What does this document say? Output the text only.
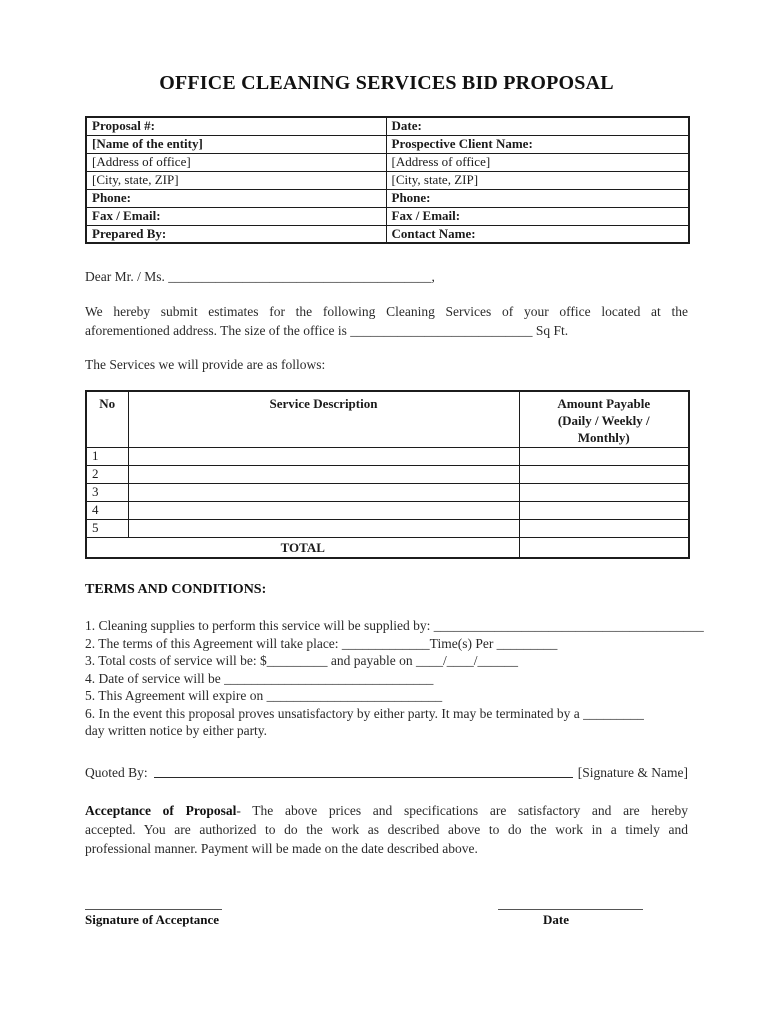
OFFICE CLEANING SERVICES BID PROPOSAL
Proposal #:	Date:
[Name of the entity]	Prospective Client Name:
[Address of office]	[Address of office]
[City, state, ZIP]	[City, state, ZIP]
Phone:	Phone:
Fax / Email:	Fax / Email:
Prepared By:	Contact Name:

Dear Mr. / Ms. _______________________________________,

We hereby submit estimates for the following Cleaning Services of your office located at the
aforementioned address. The size of the office is ___________________________ Sq Ft.

The Services we will provide are as follows:

No	Service Description	Amount Payable
(Daily / Weekly /
Monthly)

1		
2		
3		
4		
5		
TOTAL		
TERMS AND CONDITIONS:

1. Cleaning supplies to perform this service will be supplied by: ________________________________________

2. The terms of this Agreement will take place: _____________Time(s) Per _________

3. Total costs of service will be: $_________ and payable on ____/____/______

4. Date of service will be _______________________________

5. This Agreement will expire on __________________________

6. In the event this proposal proves unsatisfactory by either party. It may be terminated by a _________

day written notice by either party.

Quoted By:	[Signature & Name]
Acceptance of Proposal- The above prices and specifications are satisfactory and are hereby
accepted. You are authorized to do the work as described above to do the work in a timely and
professional manner. Payment will be made on the date described above.
Signature of Acceptance	Date
